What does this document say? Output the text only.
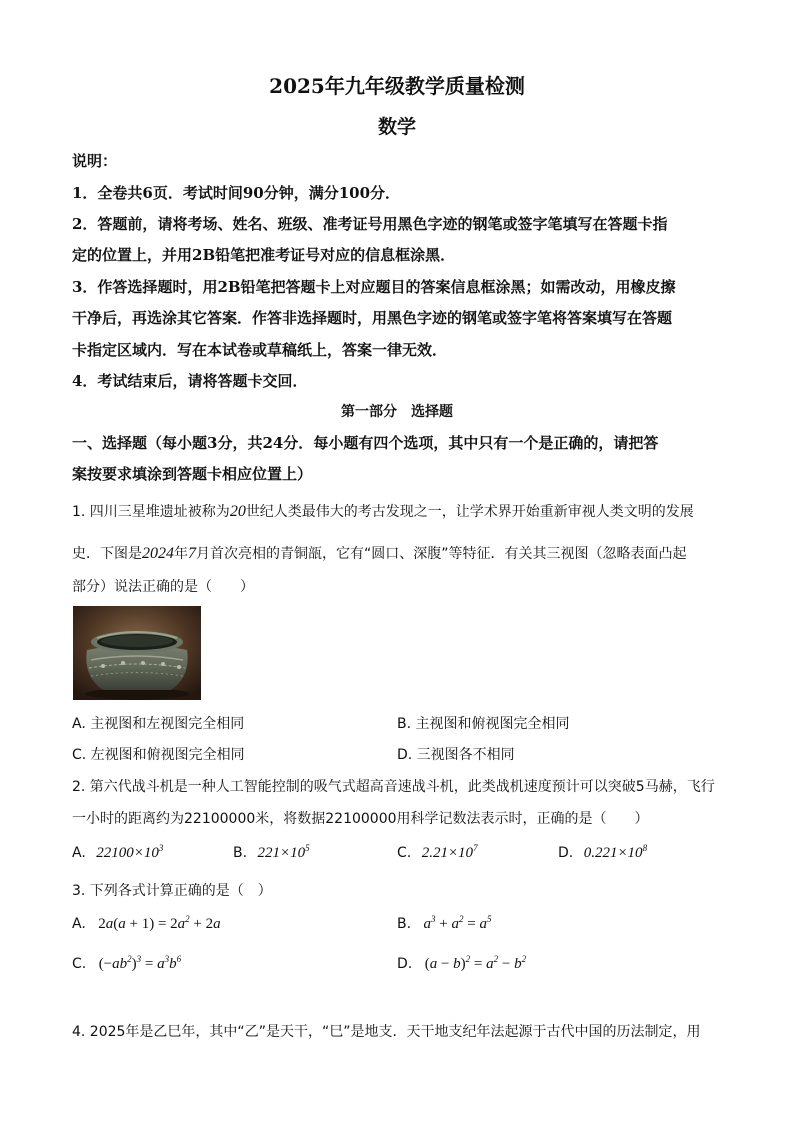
2025年九年级教学质量检测
数学
说明：
1．全卷共6页．考试时间90分钟，满分100分．
2．答题前，请将考场、姓名、班级、准考证号用黑色字迹的钢笔或签字笔填写在答题卡指
定的位置上，并用2B铅笔把准考证号对应的信息框涂黑．
3．作答选择题时，用2B铅笔把答题卡上对应题目的答案信息框涂黑；如需改动，用橡皮擦
干净后，再选涂其它答案．作答非选择题时，用黑色字迹的钢笔或签字笔将答案填写在答题
卡指定区域内．写在本试卷或草稿纸上，答案一律无效．
4．考试结束后，请将答题卡交回．
第一部分　选择题
一、选择题（每小题3分，共24分．每小题有四个选项，其中只有一个是正确的，请把答
案按要求填涂到答题卡相应位置上）
1. 四川三星堆遗址被称为20世纪人类最伟大的考古发现之一，让学术界开始重新审视人类文明的发展
史．下图是2024年7月首次亮相的青铜瓿，它有“圆口、深腹”等特征．有关其三视图（忽略表面凸起
部分）说法正确的是（　　）
A. 主视图和左视图完全相同	B. 主视图和俯视图完全相同
C. 左视图和俯视图完全相同	D. 三视图各不相同
2. 第六代战斗机是一种人工智能控制的吸气式超高音速战斗机，此类战机速度预计可以突破5马赫，飞行
一小时的距离约为22100000米，将数据22100000用科学记数法表示时，正确的是（　　）
A. $22100\times 10^3$	B. $221\times 10^5$	C. $2.21\times 10^7$	D. $0.221\times 10^8$
3. 下列各式计算正确的是（　）
A. $2a(a + 1) = 2a^2 + 2a$	B. $a^3 + a^2 = a^5$
C. $(-ab^2)^3 = a^3b^6$	D. $(a - b)^2 = a^2 - b^2$
4. 2025年是乙巳年，其中“乙”是天干，“巳”是地支．天干地支纪年法起源于古代中国的历法制定，用
